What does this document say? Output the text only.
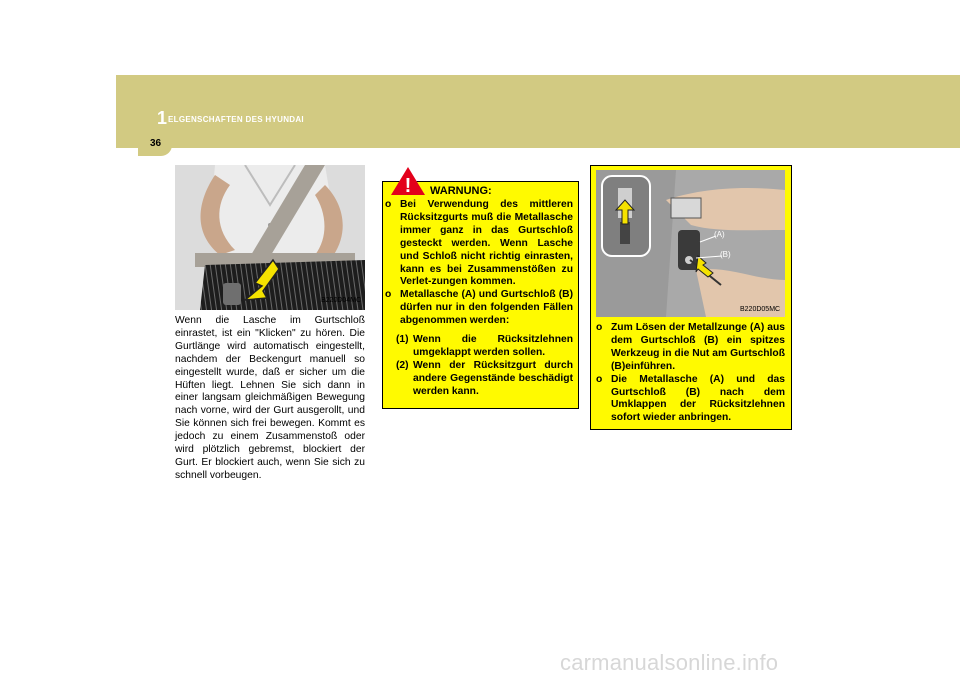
1 ELGENSCHAFTEN DES HYUNDAI
36
B220D04MC
Wenn die Lasche im Gurtschloß einrastet, ist ein "Klicken" zu hören. Die Gurtlänge wird automatisch eingestellt, nachdem der Beckengurt manuell so eingestellt wurde, daß er sicher um die Hüften liegt. Lehnen Sie sich dann in einer langsam gleichmäßigen Bewegung nach vorne, wird der Gurt ausgerollt, und Sie können sich frei bewegen. Kommt es jedoch zu einem Zusammenstoß oder wird plötzlich gebremst, blockiert der Gurt. Er blockiert auch, wenn Sie sich zu schnell vorbeugen.
! WARNUNG:
o Bei Verwendung des mittleren Rücksitzgurts muß die Metallasche immer ganz in das Gurtschloß gesteckt werden. Wenn Lasche und Schloß nicht richtig einrasten, kann es bei Zusammenstößen zu Verlet-zungen kommen.
o Metallasche (A) und Gurtschloß (B) dürfen nur in den folgenden Fällen abgenommen werden:
(1) Wenn die Rücksitzlehnen umgeklappt werden sollen.
(2) Wenn der Rücksitzgurt durch andere Gegenstände beschädigt werden kann.
(A)
(B)
B220D05MC
o Zum Lösen der Metallzunge (A) aus dem Gurtschloß (B) ein spitzes Werkzeug in die Nut am Gurtschloß (B)einführen.
o Die Metallasche (A) und das Gurtschloß (B) nach dem Umklappen der Rücksitzlehnen sofort wieder anbringen.
carmanualsonline.info
